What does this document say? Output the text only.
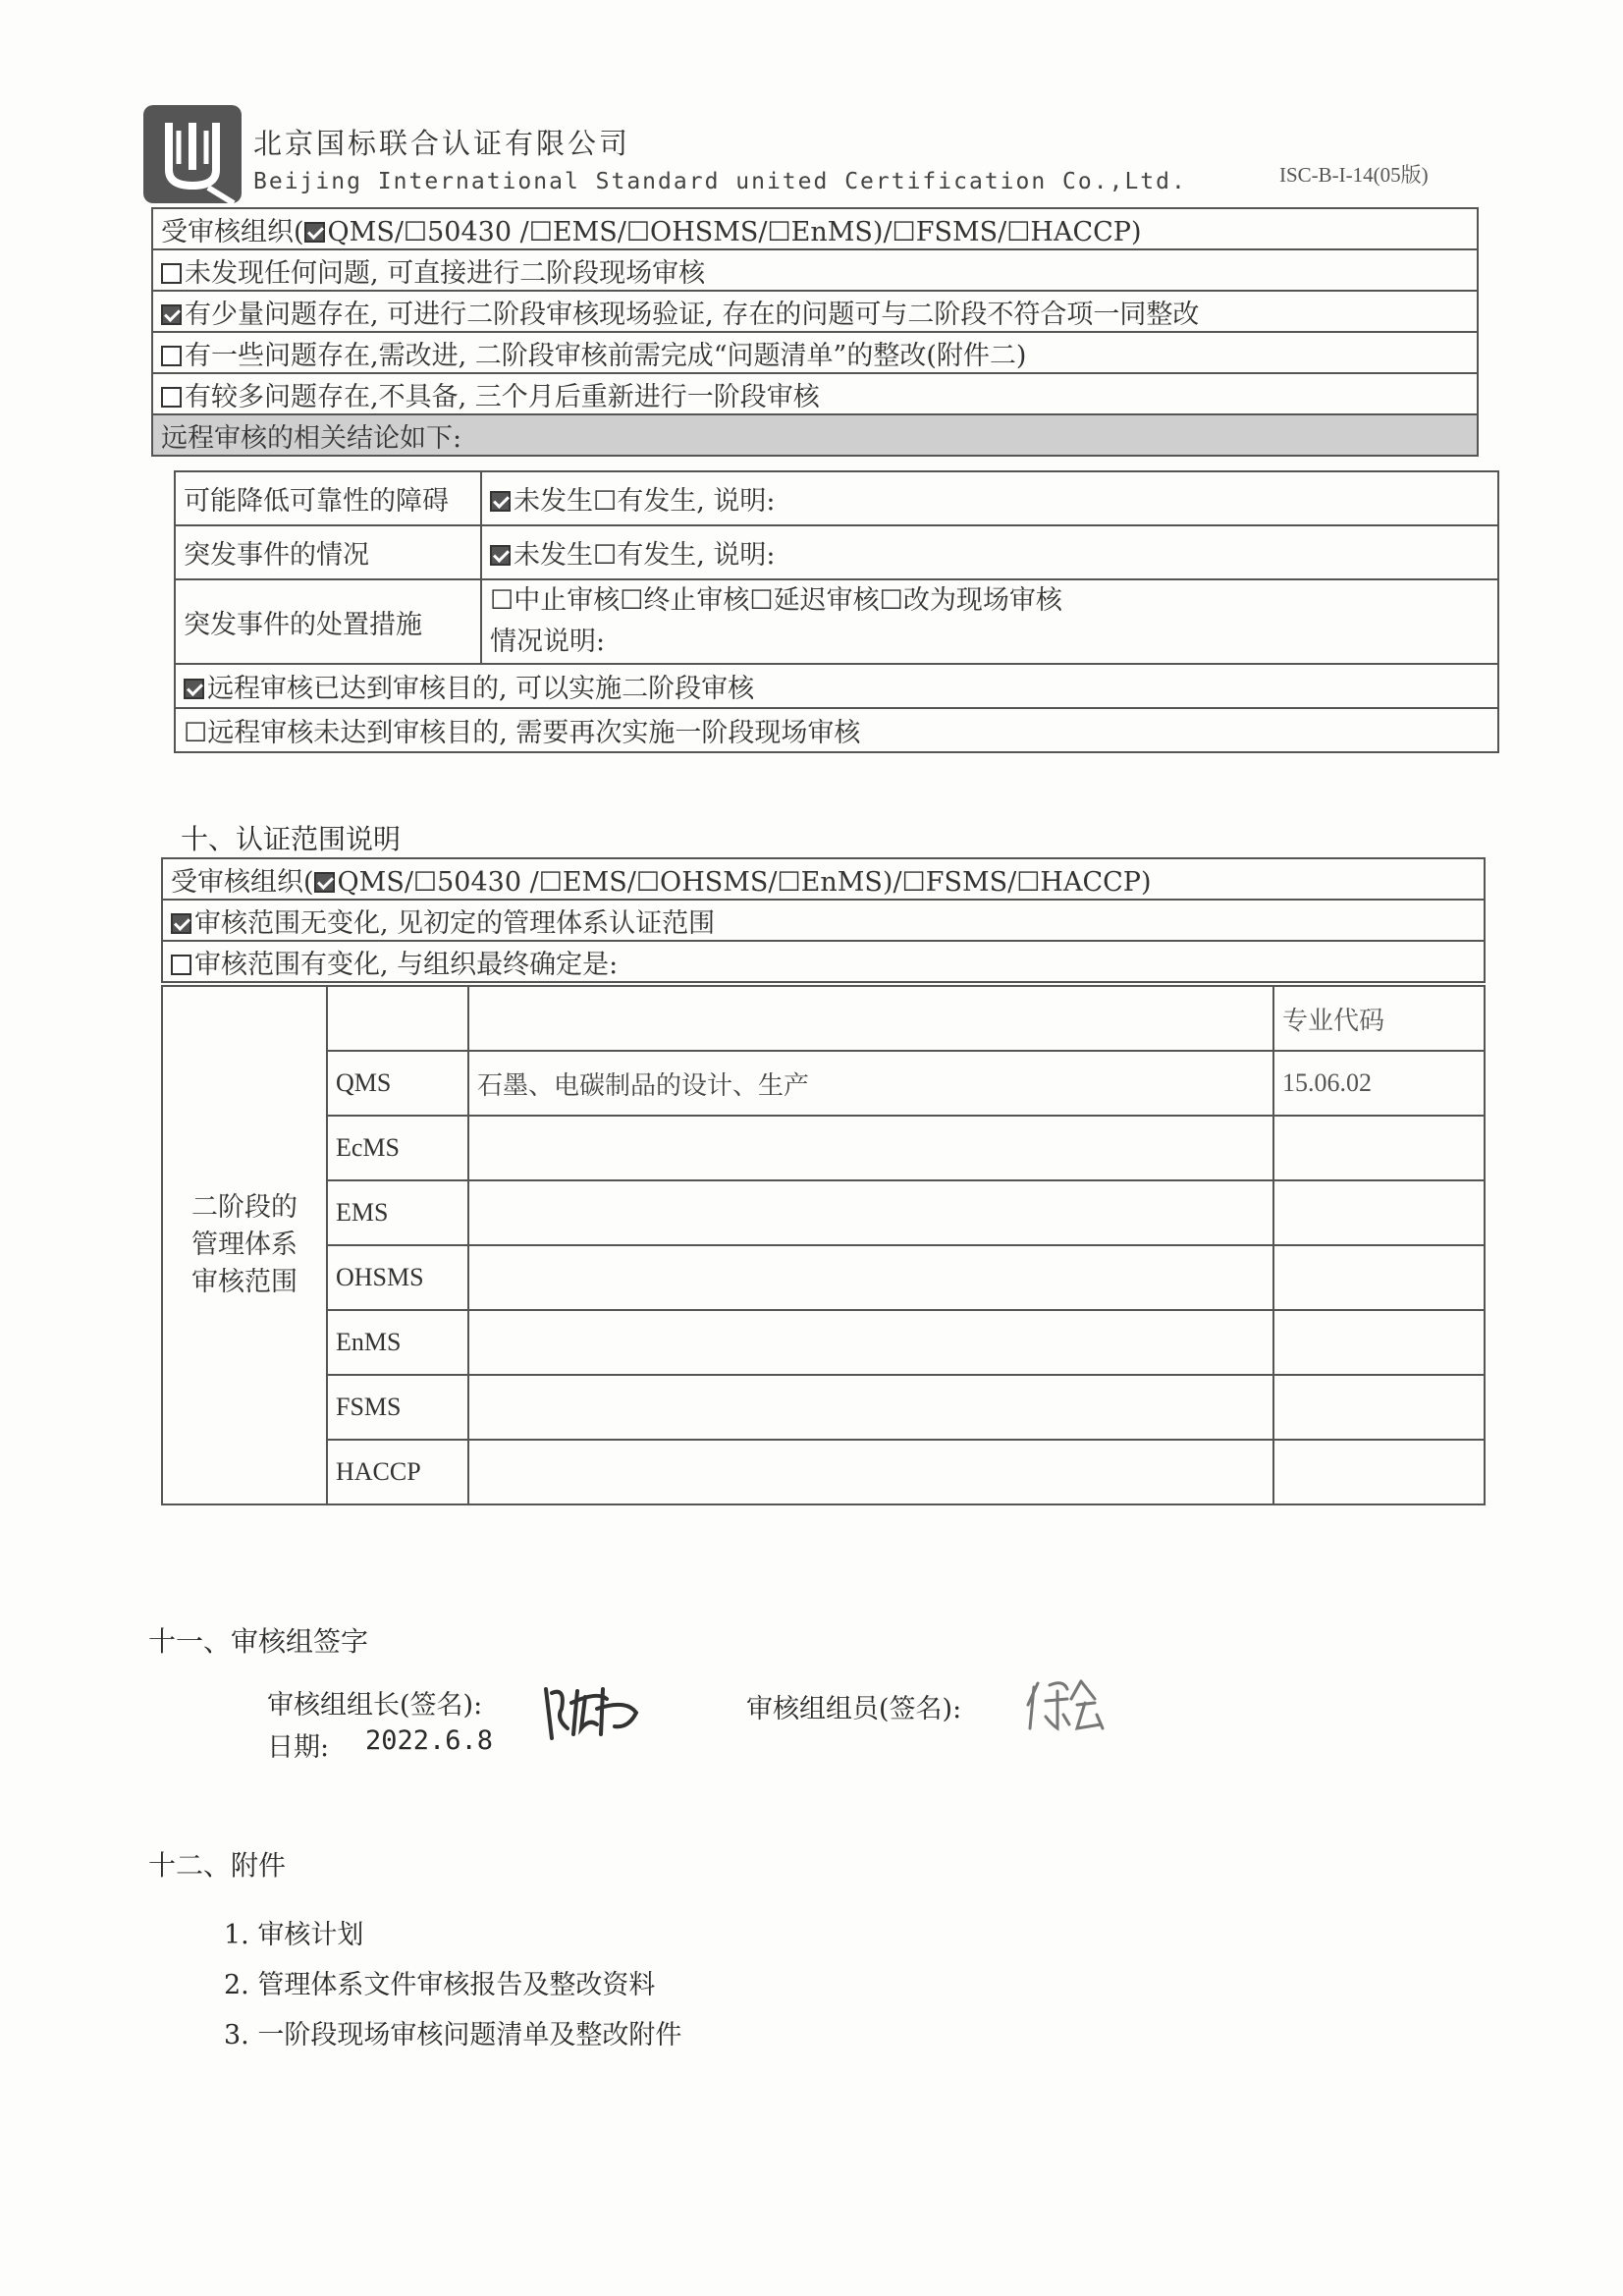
北京国标联合认证有限公司
Beijing International Standard united Certification Co.,Ltd.	ISC-B-I-14(05版)
受审核组织( QMS/☐50430 /☐EMS/☐OHSMS/☐EnMS)/☐FSMS/☐HACCP)
未发现任何问题, 可直接进行二阶段现场审核
有少量问题存在, 可进行二阶段审核现场验证, 存在的问题可与二阶段不符合项一同整改
有一些问题存在,需改进, 二阶段审核前需完成“问题清单”的整改(附件二)
有较多问题存在,不具备, 三个月后重新进行一阶段审核
远程审核的相关结论如下:
可能降低可靠性的障碍	未发生☐有发生, 说明:
突发事件的情况	未发生☐有发生, 说明:
突发事件的处置措施	☐中止审核☐终止审核☐延迟审核☐改为现场审核
情况说明:

远程审核已达到审核目的, 可以实施二阶段审核	
☐远程审核未达到审核目的, 需要再次实施一阶段现场审核	
十、认证范围说明
受审核组织( QMS/☐50430 /☐EMS/☐OHSMS/☐EnMS)/☐FSMS/☐HACCP)
审核范围无变化, 见初定的管理体系认证范围
审核范围有变化, 与组织最终确定是:
二阶段的管理体系审核范围			专业代码
	QMS	石墨、电碳制品的设计、生产	15.06.02
	EcMS		
	EMS		
	OHSMS		
	EnMS		
	FSMS		
	HACCP		
十一、审核组签字
审核组组长(签名):	审核组组员(签名):
日期: 2022.6.8
十二、附件
1. 审核计划
2. 管理体系文件审核报告及整改资料
3. 一阶段现场审核问题清单及整改附件
